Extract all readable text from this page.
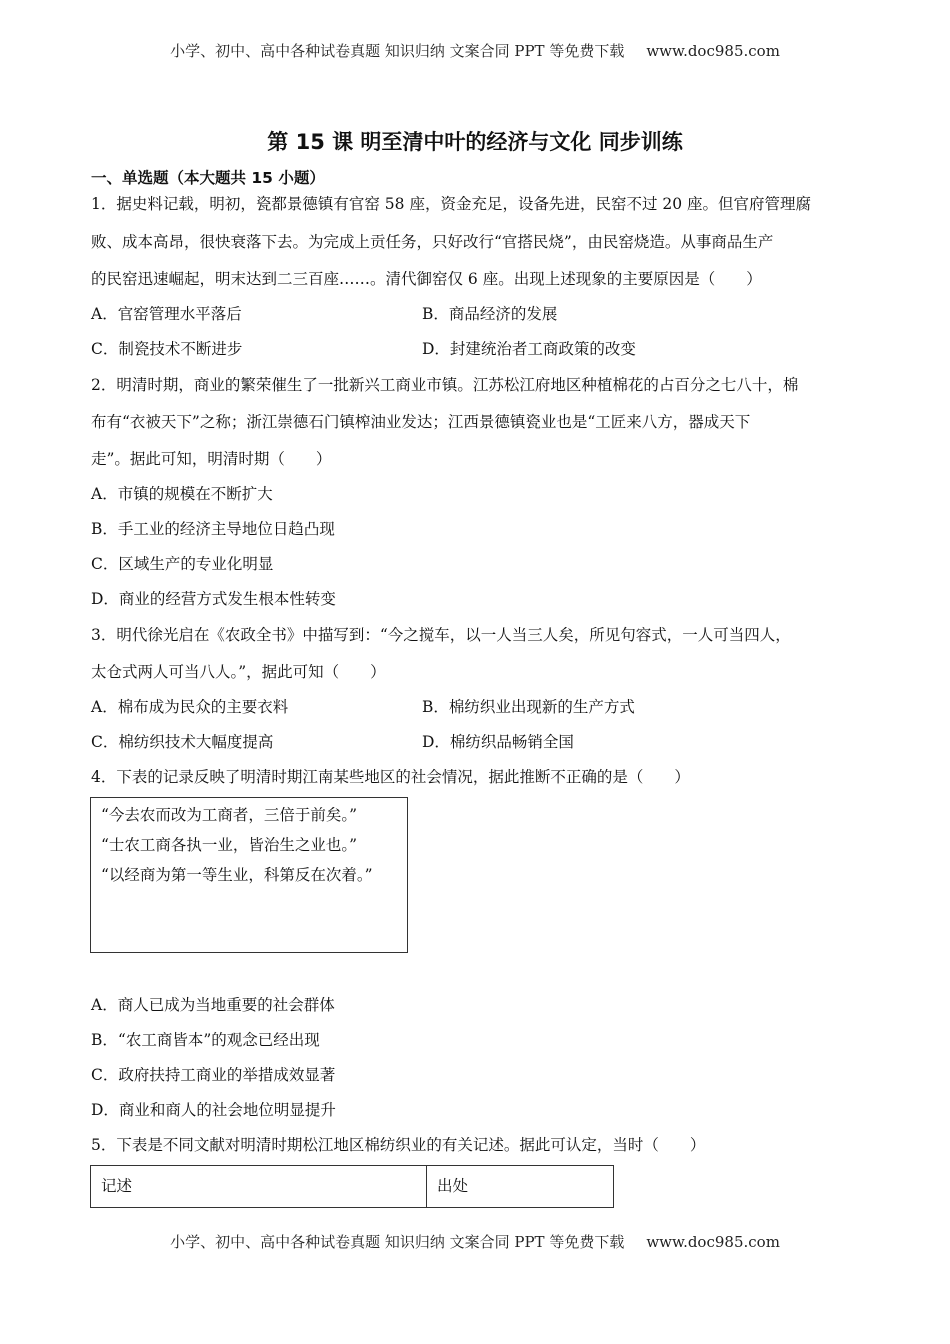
小学、初中、高中各种试卷真题 知识归纳 文案合同 PPT 等免费下载 www.doc985.com
第 15 课 明至清中叶的经济与文化 同步训练
一、单选题（本大题共 15 小题）
1．据史料记载，明初，瓷都景德镇有官窑 58 座，资金充足，设备先进，民窑不过 20 座。但官府管理腐
败、成本高昂，很快衰落下去。为完成上贡任务，只好改行“官搭民烧”，由民窑烧造。从事商品生产
的民窑迅速崛起，明末达到二三百座……。清代御窑仅 6 座。出现上述现象的主要原因是（　　）
A．官窑管理水平落后	B．商品经济的发展
C．制瓷技术不断进步	D．封建统治者工商政策的改变
2．明清时期，商业的繁荣催生了一批新兴工商业市镇。江苏松江府地区种植棉花的占百分之七八十，棉
布有“衣被天下”之称；浙江崇德石门镇榨油业发达；江西景德镇瓷业也是“工匠来八方，器成天下
走”。据此可知，明清时期（　　）
A．市镇的规模在不断扩大
B．手工业的经济主导地位日趋凸现
C．区域生产的专业化明显
D．商业的经营方式发生根本性转变
3．明代徐光启在《农政全书》中描写到：“今之搅车，以一人当三人矣，所见句容式，一人可当四人，
太仓式两人可当八人。”，据此可知（　　）
A．棉布成为民众的主要衣料	B．棉纺织业出现新的生产方式
C．棉纺织技术大幅度提高	D．棉纺织品畅销全国
4．下表的记录反映了明清时期江南某些地区的社会情况，据此推断不正确的是（　　）
A．商人已成为当地重要的社会群体
B．“农工商皆本”的观念已经出现
C．政府扶持工商业的举措成效显著
D．商业和商人的社会地位明显提升
5．下表是不同文献对明清时期松江地区棉纺织业的有关记述。据此可认定，当时（　　）

“今去农而改为工商者，三倍于前矣。”

“士农工商各执一业，皆治生之业也。”

“以经商为第一等生业，科第反在次着。”

记述	出处
小学、初中、高中各种试卷真题 知识归纳 文案合同 PPT 等免费下载 www.doc985.com
